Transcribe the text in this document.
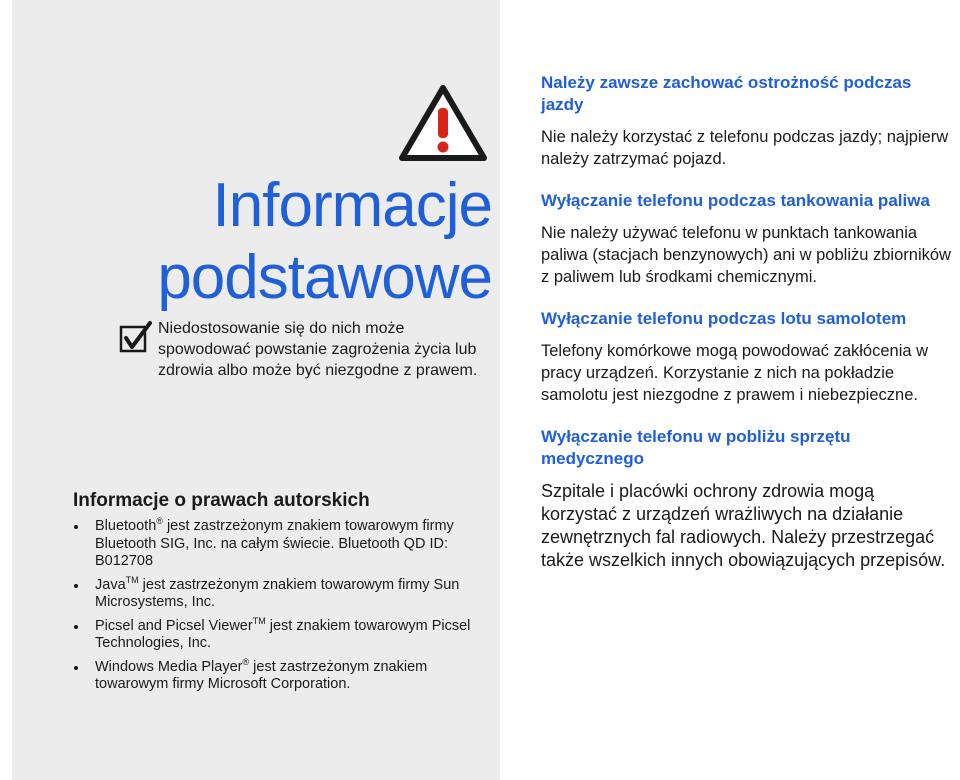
Informacje
podstawowe
Niedostosowanie się do nich może spowodować powstanie zagrożenia życia lub zdrowia albo może być niezgodne z prawem.
Informacje o prawach autorskich
Bluetooth® jest zastrzeżonym znakiem towarowym firmy Bluetooth SIG, Inc. na całym świecie. Bluetooth QD ID: B012708
Java™ jest zastrzeżonym znakiem towarowym firmy Sun Microsystems, Inc.
Picsel and Picsel Viewer™ jest znakiem towarowym Picsel Technologies, Inc.
Windows Media Player® jest zastrzeżonym znakiem towarowym firmy Microsoft Corporation.
Należy zawsze zachować ostrożność podczas jazdy
Nie należy korzystać z telefonu podczas jazdy; najpierw należy zatrzymać pojazd.
Wyłączanie telefonu podczas tankowania paliwa
Nie należy używać telefonu w punktach tankowania paliwa (stacjach benzynowych) ani w pobliżu zbiorników z paliwem lub środkami chemicznymi.
Wyłączanie telefonu podczas lotu samolotem
Telefony komórkowe mogą powodować zakłócenia w pracy urządzeń. Korzystanie z nich na pokładzie samolotu jest niezgodne z prawem i niebezpieczne.
Wyłączanie telefonu w pobliżu sprzętu medycznego
Szpitale i placówki ochrony zdrowia mogą korzystać z urządzeń wrażliwych na działanie zewnętrznych fal radiowych. Należy przestrzegać także wszelkich innych obowiązujących przepisów.
